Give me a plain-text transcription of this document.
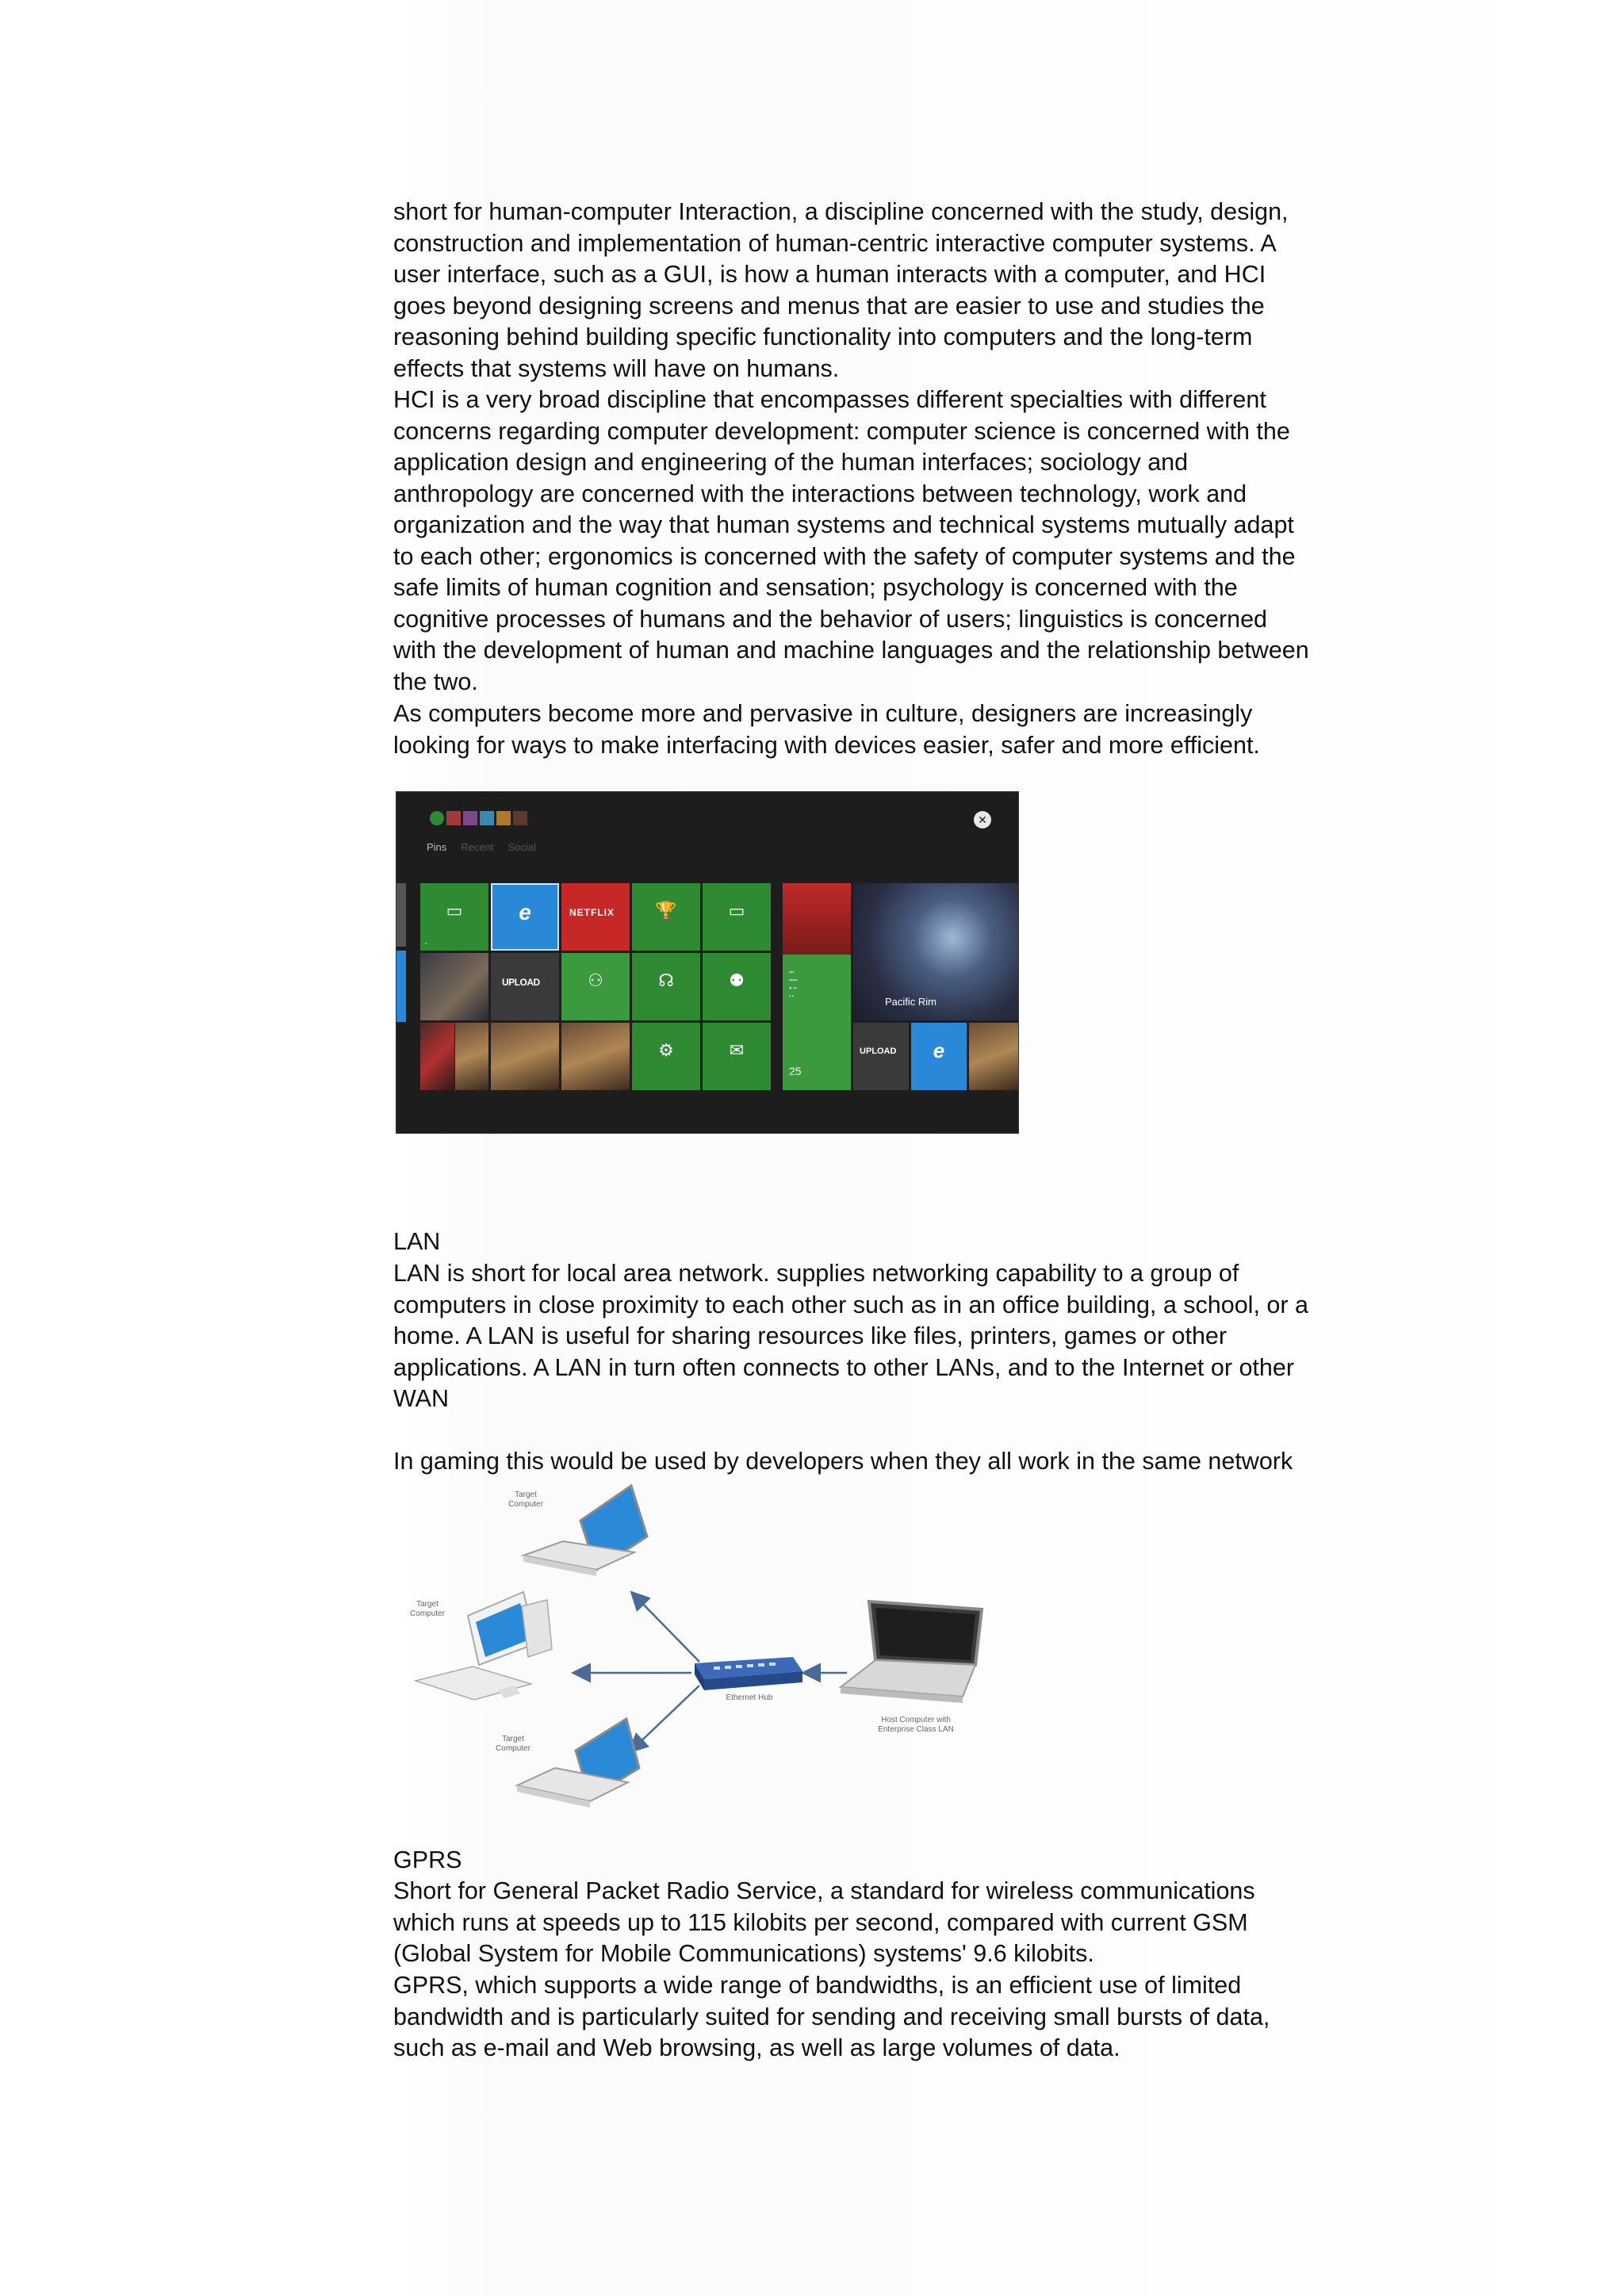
short for human-computer Interaction, a discipline concerned with the study, design,
construction and implementation of human-centric interactive computer systems. A
user interface, such as a GUI, is how a human interacts with a computer, and HCI
goes beyond designing screens and menus that are easier to use and studies the
reasoning behind building specific functionality into computers and the long-term
effects that systems will have on humans.

HCI is a very broad discipline that encompasses different specialties with different
concerns regarding computer development: computer science is concerned with the
application design and engineering of the human interfaces; sociology and
anthropology are concerned with the interactions between technology, work and
organization and the way that human systems and technical systems mutually adapt
to each other; ergonomics is concerned with the safety of computer systems and the
safe limits of human cognition and sensation; psychology is concerned with the
cognitive processes of humans and the behavior of users; linguistics is concerned
with the development of human and machine languages and the relationship between
the two.

As computers become more and pervasive in culture, designers are increasingly
looking for ways to make interfacing with devices easier, safer and more efficient.

✕
Pins Recent Social
▭
▪
e
UPLOAD
NETFLIX
⚇
🏆
☊
⚙
▭
⚉
✉
▪▪▪
▪▪▪▪▪
● ▪▪
▪ ▪
25
Pacific Rim
UPLOAD	e

LAN

LAN is short for local area network. supplies networking capability to a group of
computers in close proximity to each other such as in an office building, a school, or a
home. A LAN is useful for sharing resources like files, printers, games or other
applications. A LAN in turn often connects to other LANs, and to the Internet or other
WAN

In gaming this would be used by developers when they all work in the same network

Target
Computer
Target
Computer
Target
Computer
Ethernet Hub
Host Computer with
Enterprise Class LAN

GPRS

Short for General Packet Radio Service, a standard for wireless communications
which runs at speeds up to 115 kilobits per second, compared with current GSM
(Global System for Mobile Communications) systems' 9.6 kilobits.

GPRS, which supports a wide range of bandwidths, is an efficient use of limited
bandwidth and is particularly suited for sending and receiving small bursts of data,
such as e-mail and Web browsing, as well as large volumes of data.
